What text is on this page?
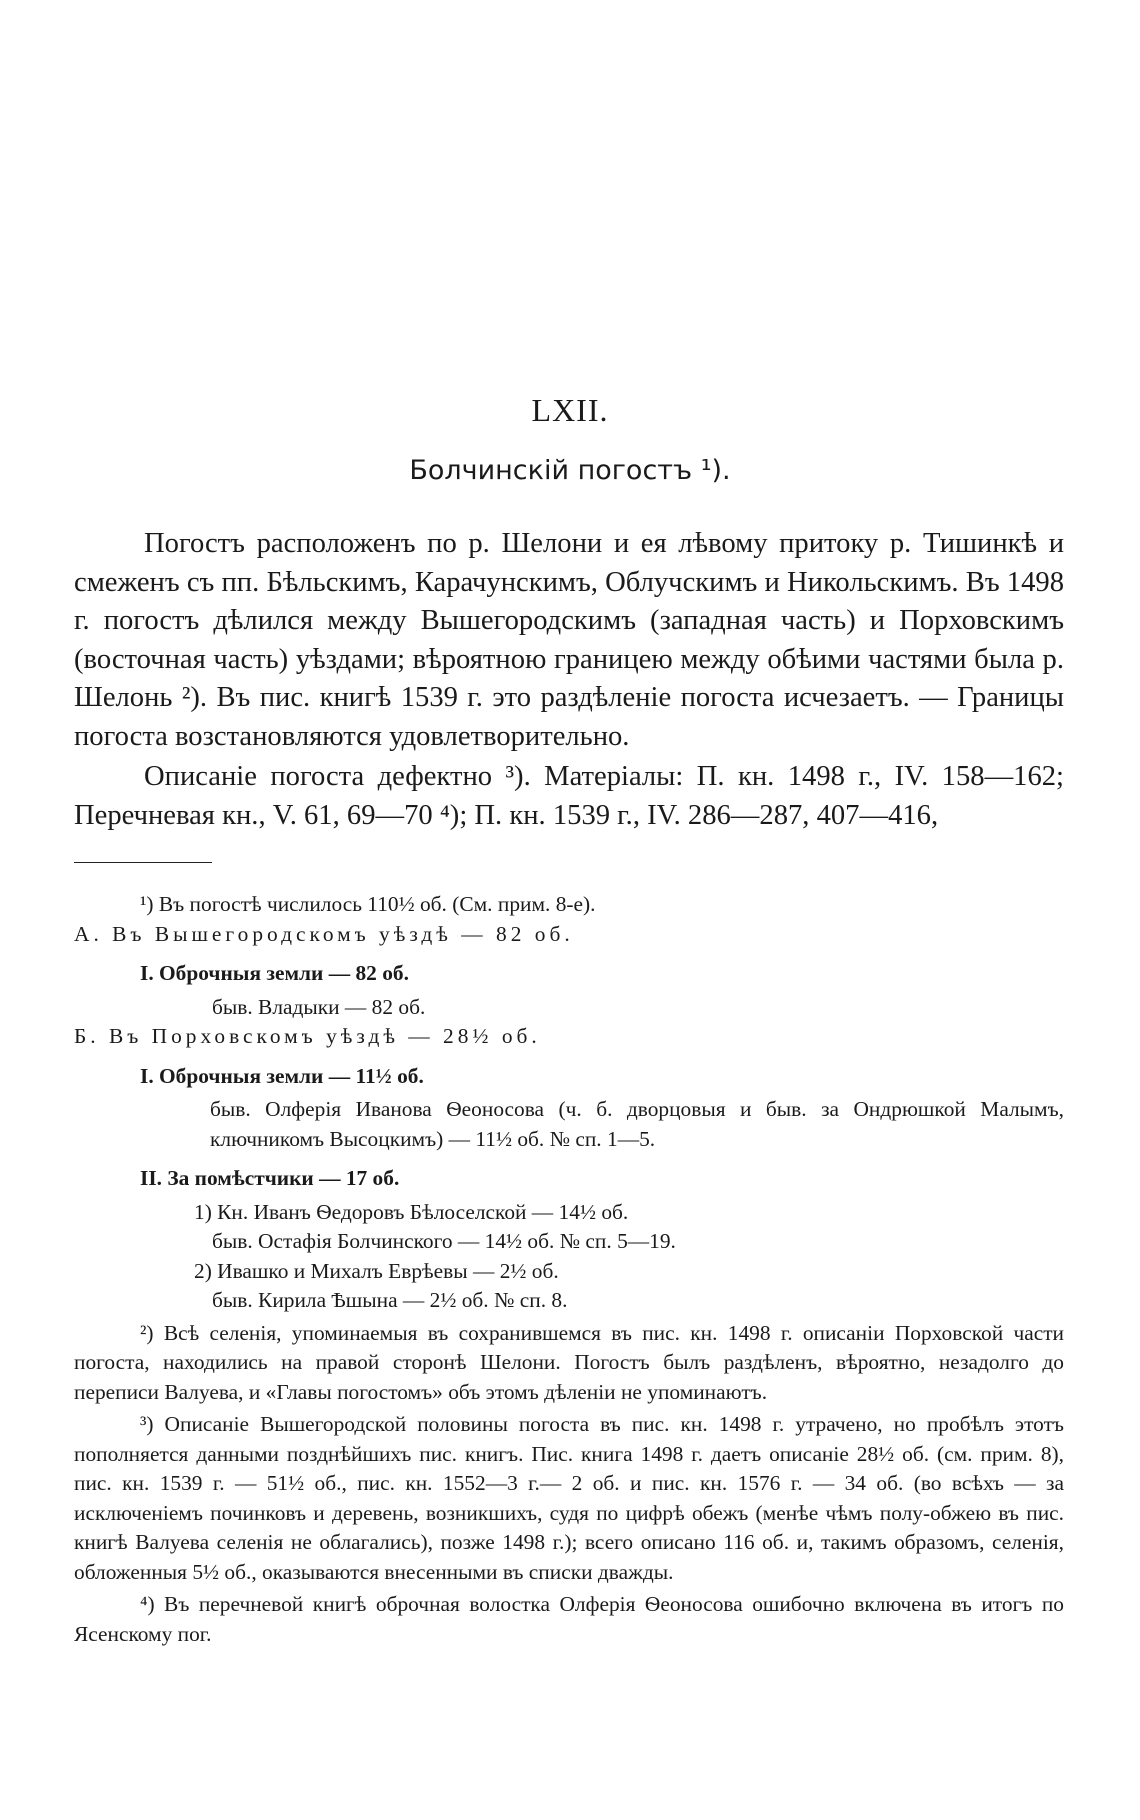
LXII.
Болчинскій погостъ ¹).

Погостъ расположенъ по р. Шелони и ея лѣвому притоку р. Тишинкѣ и смеженъ съ пп. Бѣльскимъ, Карачунскимъ, Облучскимъ и Никольскимъ. Въ 1498 г. погостъ дѣлился между Вышегородскимъ (западная часть) и Порховскимъ (восточная часть) уѣздами; вѣроятною границею между обѣими частями была р. Шелонь ²). Въ пис. книгѣ 1539 г. это раздѣленіе погоста исчезаетъ. — Границы погоста возстановляются удовлетворительно.

Описаніе погоста дефектно ³). Матеріалы: П. кн. 1498 г., IV. 158—162; Перечневая кн., V. 61, 69—70 ⁴); П. кн. 1539 г., IV. 286—287, 407—416,

¹) Въ погостѣ числилось 110½ об. (См. прим. 8-е).
А. Въ Вышегородскомъ уѣздѣ — 82 об.
I. Оброчныя земли — 82 об.
быв. Владыки — 82 об.
Б. Въ Порховскомъ уѣздѣ — 28½ об.
I. Оброчныя земли — 11½ об.
быв. Олферія Иванова Ѳеоносова (ч. б. дворцовыя и быв. за Ондрюшкой Малымъ, ключникомъ Высоцкимъ) — 11½ об. № сп. 1—5.
II. За помѣстчики — 17 об.
1) Кн. Иванъ Ѳедоровъ Бѣлоселской — 14½ об.
быв. Остафія Болчинского — 14½ об. № сп. 5—19.
2) Ивашко и Михалъ Еврѣевы — 2½ об.
быв. Кирила Ѣшына — 2½ об. № сп. 8.
²) Всѣ селенія, упоминаемыя въ сохранившемся въ пис. кн. 1498 г. описаніи Порховской части погоста, находились на правой сторонѣ Шелони. Погостъ былъ раздѣленъ, вѣроятно, незадолго до переписи Валуева, и «Главы погостомъ» объ этомъ дѣленіи не упоминаютъ.
³) Описаніе Вышегородской половины погоста въ пис. кн. 1498 г. утрачено, но пробѣлъ этотъ пополняется данными позднѣйшихъ пис. книгъ. Пис. книга 1498 г. даетъ описаніе 28½ об. (см. прим. 8), пис. кн. 1539 г. — 51½ об., пис. кн. 1552—3 г.— 2 об. и пис. кн. 1576 г. — 34 об. (во всѣхъ — за исключеніемъ починковъ и деревень, возникшихъ, судя по цифрѣ обежъ (менѣе чѣмъ полу-обжею въ пис. книгѣ Валуева селенія не облагались), позже 1498 г.); всего описано 116 об. и, такимъ образомъ, селенія, обложенныя 5½ об., оказываются внесенными въ списки дважды.
⁴) Въ перечневой книгѣ оброчная волостка Олферія Ѳеоносова ошибочно включена въ итогъ по Ясенскому пог.
